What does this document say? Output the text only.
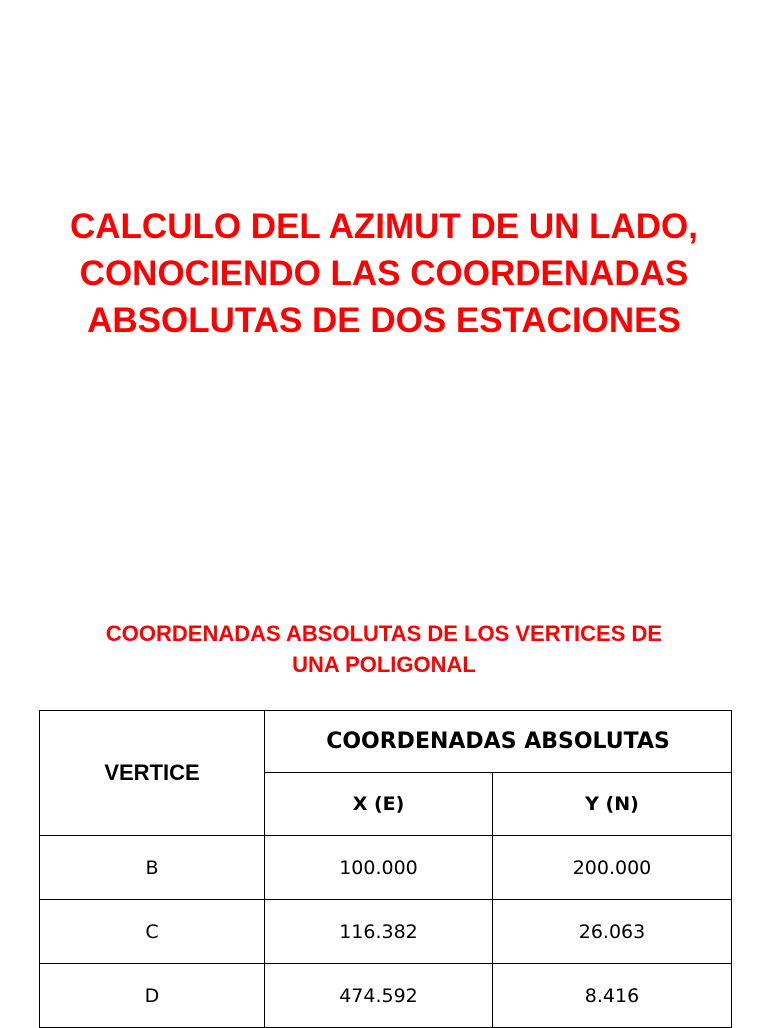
CALCULO DEL AZIMUT DE UN LADO,
CONOCIENDO LAS COORDENADAS
ABSOLUTAS DE DOS ESTACIONES
COORDENADAS ABSOLUTAS DE LOS VERTICES DE
UNA POLIGONAL
VERTICE	COORDENADAS ABSOLUTAS	
	X (E)	Y (N)
B	100.000	200.000
C	116.382	26.063
D	474.592	8.416
